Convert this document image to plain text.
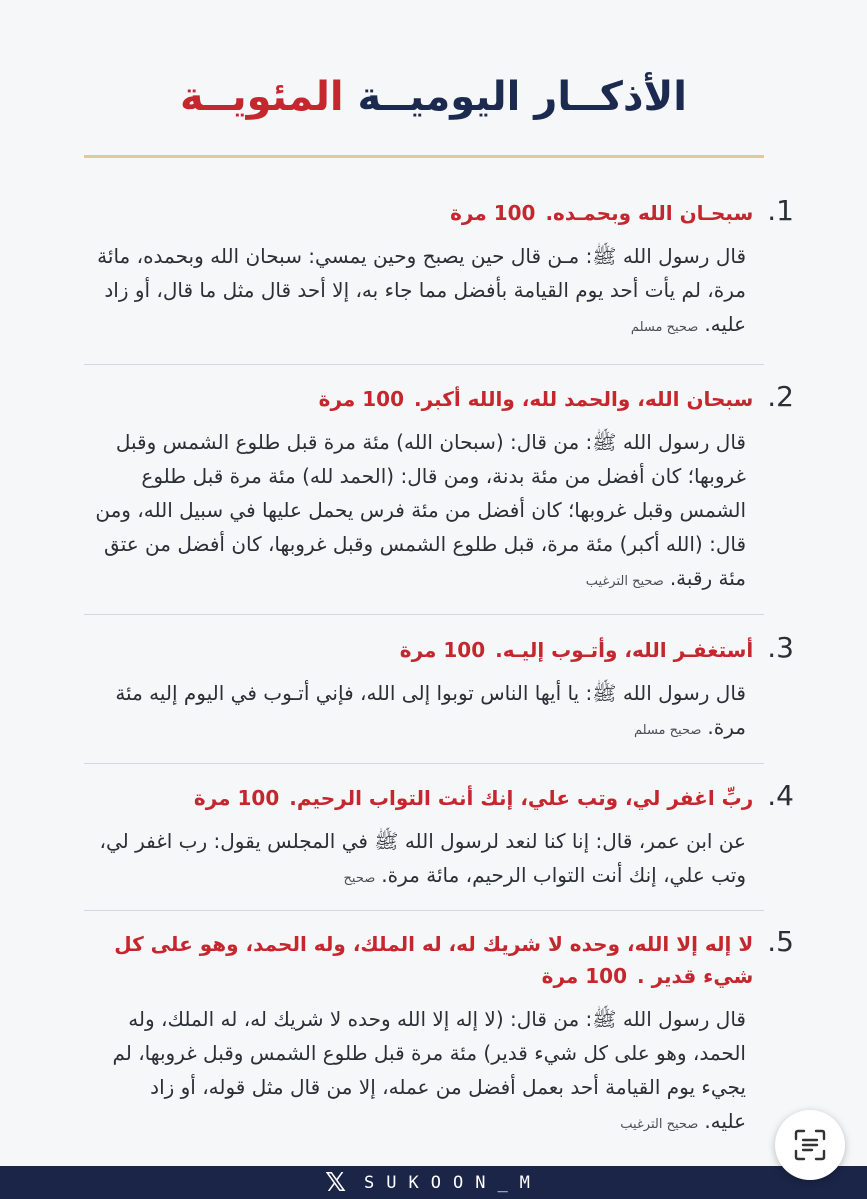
الأذكــار اليوميــة المئويــة
1.
سبحـان الله وبحمـده.100 مرة
قال رسول الله ﷺ: مـن قال حين يصبح وحين يمسي: سبحان الله وبحمده، مائة مرة، لم يأت أحد يوم القيامة بأفضل مما جاء به، إلا أحد قال مثل ما قال، أو زاد عليه.صحيح مسلم
2.
سبحان الله، والحمد لله، والله أكبر.100 مرة
قال رسول الله ﷺ: من قال: (سبحان الله) مئة مرة قبل طلوع الشمس وقبل غروبها؛ كان أفضل من مئة بدنة، ومن قال: (الحمد لله) مئة مرة قبل طلوع الشمس وقبل غروبها؛ كان أفضل من مئة فرس يحمل عليها في سبيل الله، ومن قال: (الله أكبر) مئة مرة، قبل طلوع الشمس وقبل غروبها، كان أفضل من عتق مئة رقبة.صحيح الترغيب
3.
أستغفـر الله، وأتـوب إليـه.100 مرة
قال رسول الله ﷺ: يا أيها الناس توبوا إلى الله، فإني أتـوب في اليوم إليه مئة مرة.صحيح مسلم
4.
ربِّ اغفر لي، وتب علي، إنك أنت التواب الرحيم.100 مرة
عن ابن عمر، قال: إنا كنا لنعد لرسول الله ﷺ في المجلس يقول: رب اغفر لي، وتب علي، إنك أنت التواب الرحيم، مائة مرة.صحيح
5.
لا إله إلا الله، وحده لا شريك له، له الملك، وله الحمد، وهو على كل شيء قدير .100 مرة
قال رسول الله ﷺ: من قال: (لا إله إلا الله وحده لا شريك له، له الملك، وله الحمد، وهو على كل شيء قدير) مئة مرة قبل طلوع الشمس وقبل غروبها، لم يجيء يوم القيامة أحد بعمل أفضل من عمله، إلا من قال مثل قوله، أو زاد عليه.صحيح الترغيب
𝕏 SUKOON_M
